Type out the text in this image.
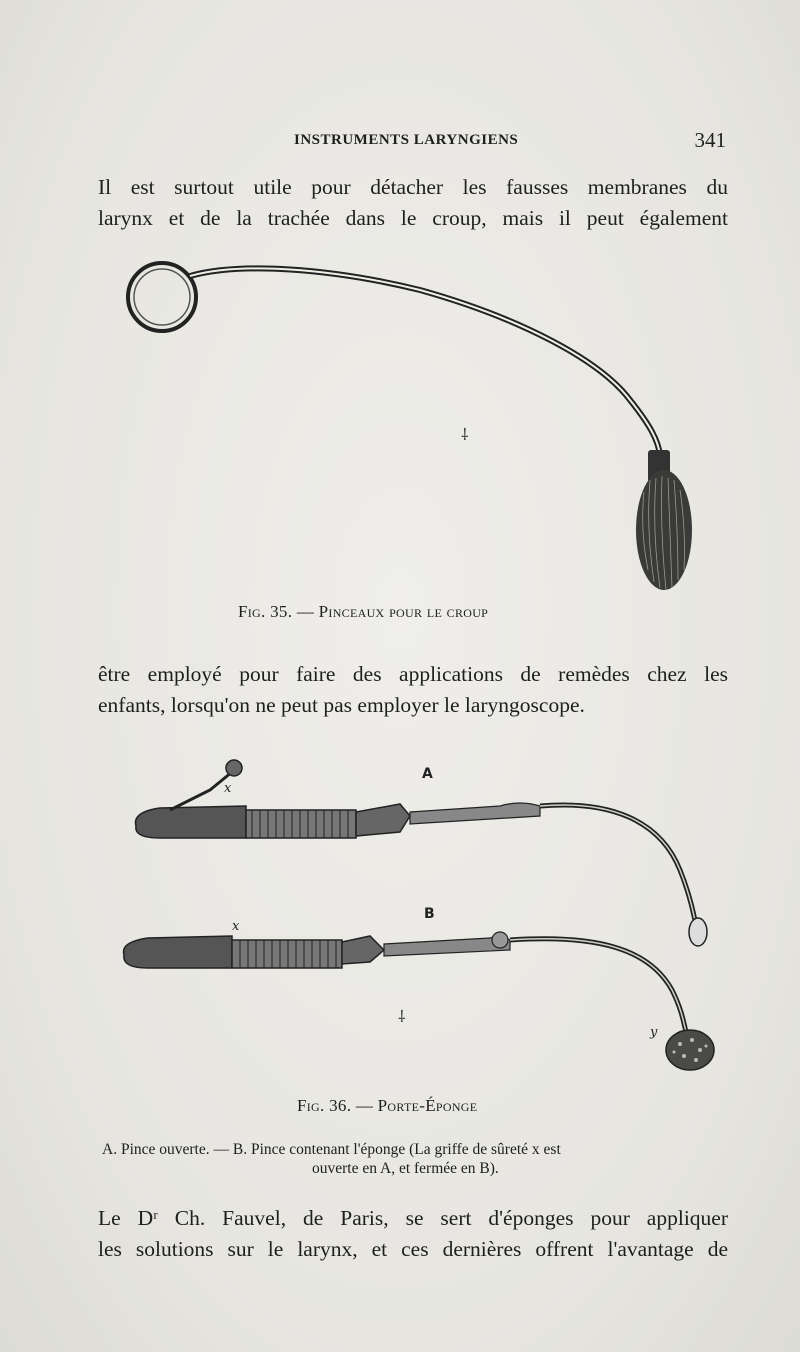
INSTRUMENTS LARYNGIENS	341
Il est surtout utile pour détacher les fausses membranes du
larynx et de la trachée dans le croup, mais il peut également
⸸
Fig. 35. — Pinceaux pour le croup
être employé pour faire des applications de remèdes chez les
enfants, lorsqu'on ne peut pas employer le laryngoscope.
A
x
B
x
y
⸸
Fig. 36. — Porte-Éponge
A. Pince ouverte. — B. Pince contenant l'éponge (La griffe de sûreté x est
ouverte en A, et fermée en B).
Le Dʳ Ch. Fauvel, de Paris, se sert d'éponges pour appliquer
les solutions sur le larynx, et ces dernières offrent l'avantage de
